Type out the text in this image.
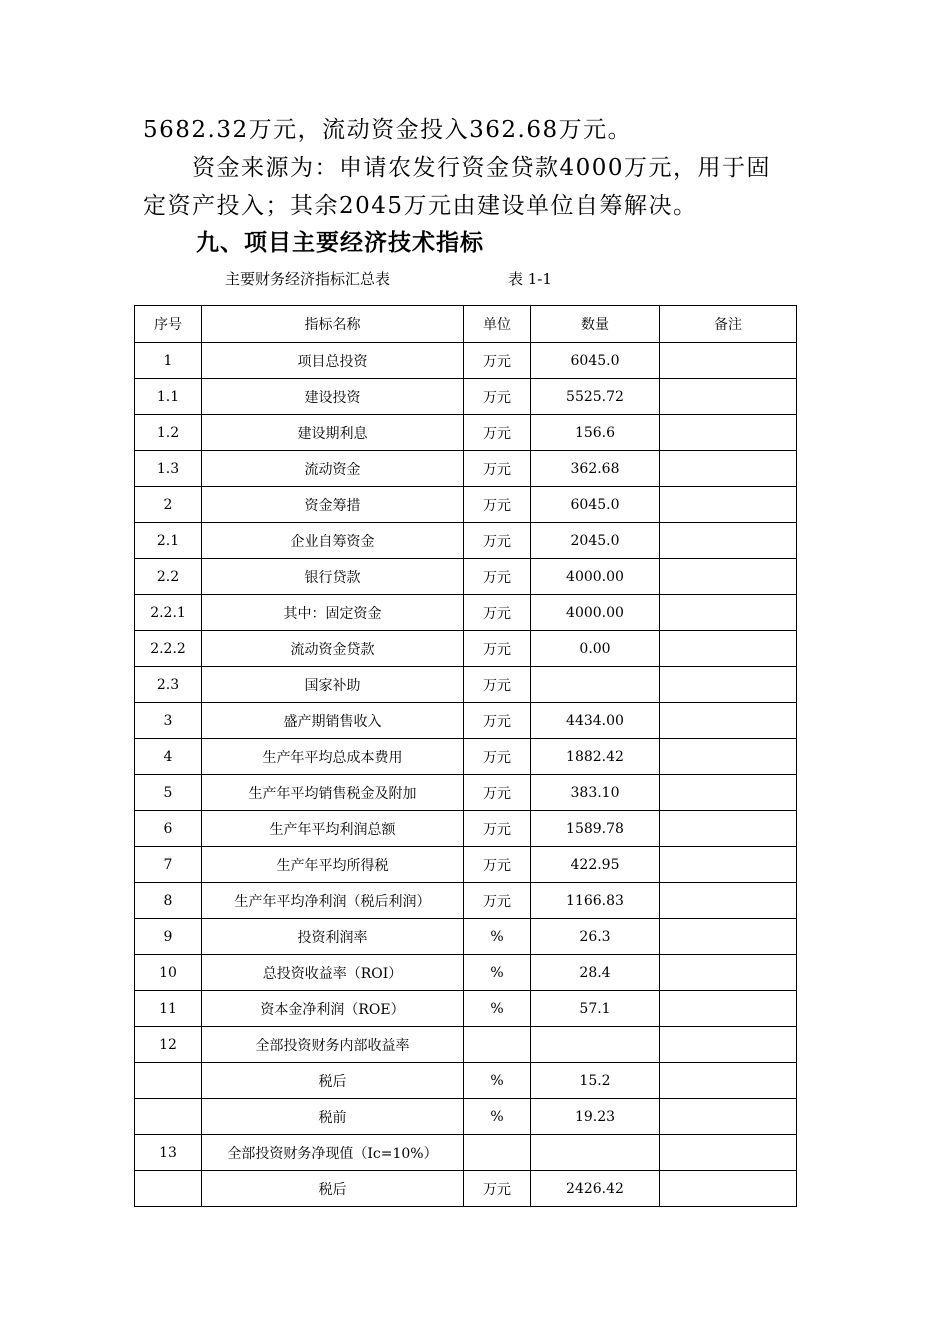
5682.32万元，流动资金投入362.68万元。

　　资金来源为：申请农发行资金贷款4000万元，用于固

定资产投入；其余2045万元由建设单位自筹解决。

九、项目主要经济技术指标

主要财务经济指标汇总表	表 1-1

序号	指标名称	单位	数量	备注
1	项目总投资	万元	6045.0	
1.1	建设投资	万元	5525.72	
1.2	建设期利息	万元	156.6	
1.3	流动资金	万元	362.68	
2	资金筹措	万元	6045.0	
2.1	企业自筹资金	万元	2045.0	
2.2	银行贷款	万元	4000.00	
2.2.1	其中：固定资金	万元	4000.00	
2.2.2	流动资金贷款	万元	0.00	
2.3	国家补助	万元		
3	盛产期销售收入	万元	4434.00	
4	生产年平均总成本费用	万元	1882.42	
5	生产年平均销售税金及附加	万元	383.10	
6	生产年平均利润总额	万元	1589.78	
7	生产年平均所得税	万元	422.95	
8	生产年平均净利润（税后利润）	万元	1166.83	
9	投资利润率	%	26.3	
10	总投资收益率（ROI）	%	28.4	
11	资本金净利润（ROE）	%	57.1	
12	全部投资财务内部收益率			
	税后	%	15.2	
	税前	%	19.23	
13	全部投资财务净现值（Ic=10%）			
	税后	万元	2426.42	
